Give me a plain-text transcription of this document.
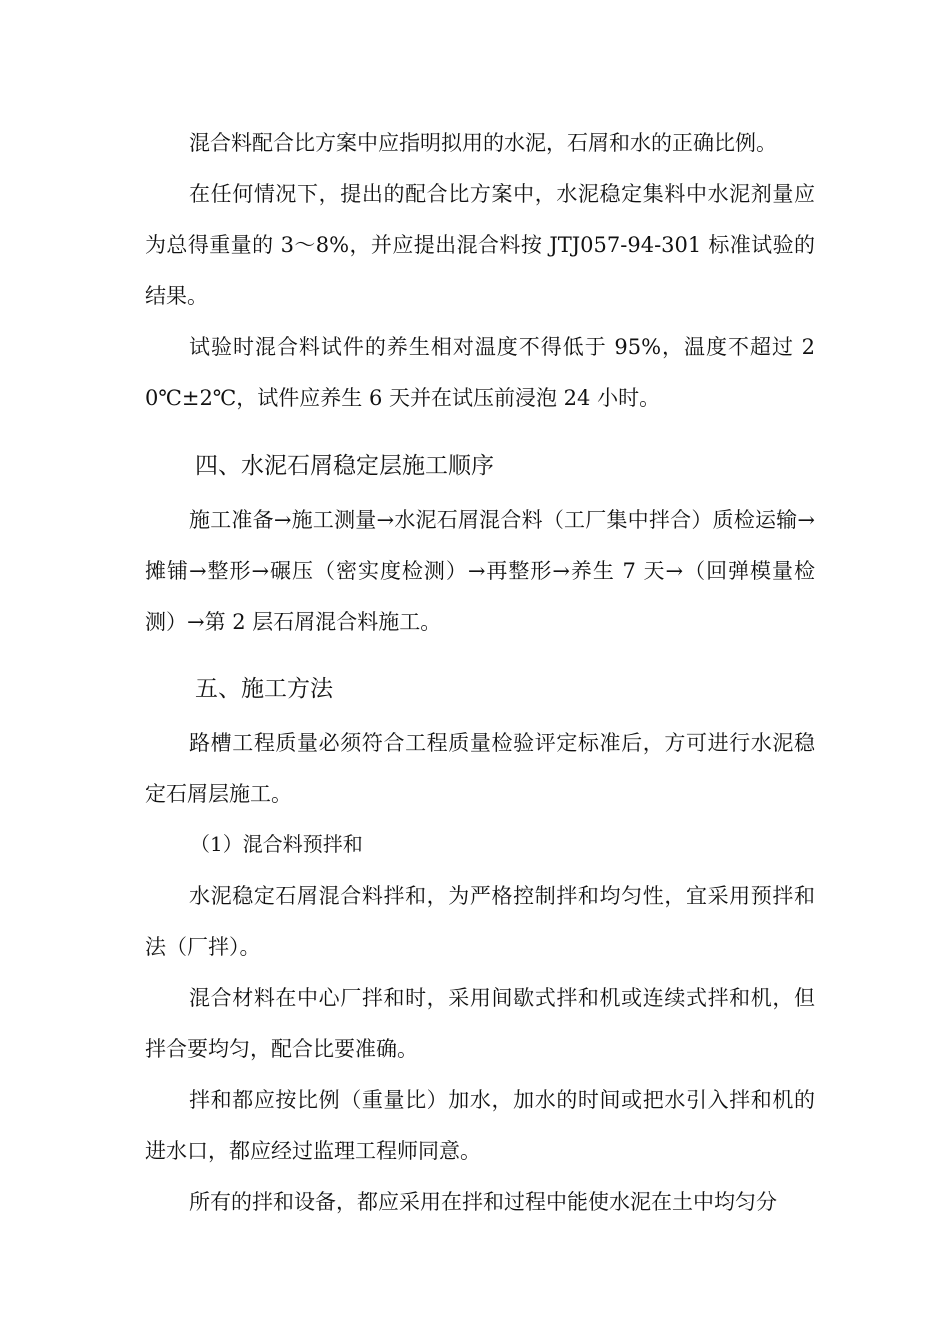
混合料配合比方案中应指明拟用的水泥，石屑和水的正确比例。

在任何情况下，提出的配合比方案中，水泥稳定集料中水泥剂量应为总得重量的 3～8%，并应提出混合料按 JTJ057-94-301 标准试验的结果。

试验时混合料试件的养生相对温度不得低于 95%，温度不超过 20℃±2℃，试件应养生 6 天并在试压前浸泡 24 小时。

四、水泥石屑稳定层施工顺序

施工准备→施工测量→水泥石屑混合料（工厂集中拌合）质检运输→摊铺→整形→碾压（密实度检测）→再整形→养生 7 天→（回弹模量检测）→第 2 层石屑混合料施工。

五、施工方法

路槽工程质量必须符合工程质量检验评定标准后，方可进行水泥稳定石屑层施工。

（1）混合料预拌和

水泥稳定石屑混合料拌和，为严格控制拌和均匀性，宜采用预拌和法（厂拌）。

混合材料在中心厂拌和时，采用间歇式拌和机或连续式拌和机，但拌合要均匀，配合比要准确。

拌和都应按比例（重量比）加水，加水的时间或把水引入拌和机的进水口，都应经过监理工程师同意。

所有的拌和设备，都应采用在拌和过程中能使水泥在土中均匀分
